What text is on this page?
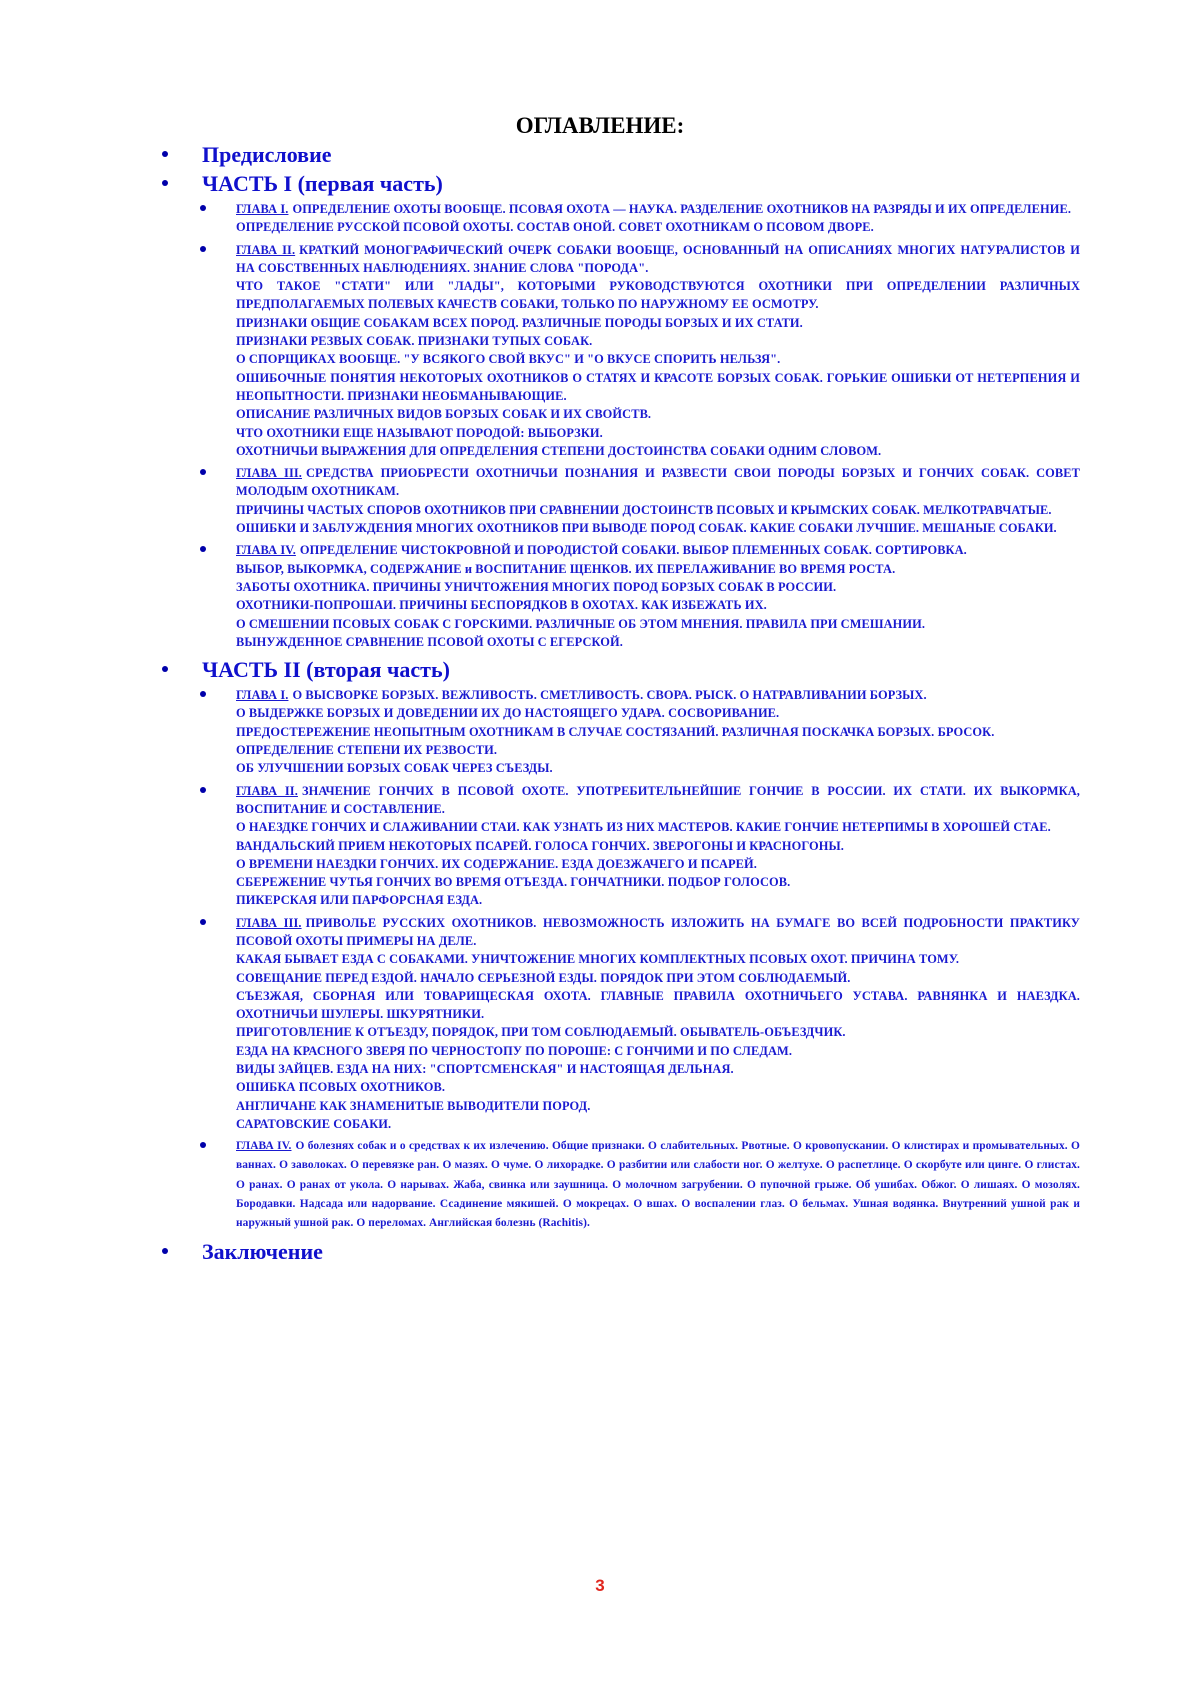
ОГЛАВЛЕНИЕ:
Предисловие
ЧАСТЬ I (первая часть)

ГЛАВА I. ОПРЕДЕЛЕНИЕ ОХОТЫ ВООБЩЕ. ПСОВАЯ ОХОТА — НАУКА. РАЗДЕЛЕНИЕ ОХОТНИКОВ НА РАЗРЯДЫ И ИХ ОПРЕДЕЛЕНИЕ.

ОПРЕДЕЛЕНИЕ РУССКОЙ ПСОВОЙ ОХОТЫ. СОСТАВ ОНОЙ. СОВЕТ ОХОТНИКАМ О ПСОВОМ ДВОРЕ.

ГЛАВА II. КРАТКИЙ МОНОГРАФИЧЕСКИЙ ОЧЕРК СОБАКИ ВООБЩЕ, ОСНОВАННЫЙ НА ОПИСАНИЯХ МНОГИХ НАТУРАЛИСТОВ И НА СОБСТВЕННЫХ НАБЛЮДЕНИЯХ. ЗНАНИЕ СЛОВА "ПОРОДА".

ЧТО ТАКОЕ "СТАТИ" ИЛИ "ЛАДЫ", КОТОРЫМИ РУКОВОДСТВУЮТСЯ ОХОТНИКИ ПРИ ОПРЕДЕЛЕНИИ РАЗЛИЧНЫХ ПРЕДПОЛАГАЕМЫХ ПОЛЕВЫХ КАЧЕСТВ СОБАКИ, ТОЛЬКО ПО НАРУЖНОМУ ЕЕ ОСМОТРУ.

ПРИЗНАКИ ОБЩИЕ СОБАКАМ ВСЕХ ПОРОД. РАЗЛИЧНЫЕ ПОРОДЫ БОРЗЫХ И ИХ СТАТИ.

ПРИЗНАКИ РЕЗВЫХ СОБАК. ПРИЗНАКИ ТУПЫХ СОБАК.

О СПОРЩИКАХ ВООБЩЕ. "У ВСЯКОГО СВОЙ ВКУС" И "О ВКУСЕ СПОРИТЬ НЕЛЬЗЯ".

ОШИБОЧНЫЕ ПОНЯТИЯ НЕКОТОРЫХ ОХОТНИКОВ О СТАТЯХ И КРАСОТЕ БОРЗЫХ СОБАК. ГОРЬКИЕ ОШИБКИ ОТ НЕТЕРПЕНИЯ И НЕОПЫТНОСТИ. ПРИЗНАКИ НЕОБМАНЫВАЮЩИЕ.

ОПИСАНИЕ РАЗЛИЧНЫХ ВИДОВ БОРЗЫХ СОБАК И ИХ СВОЙСТВ.

ЧТО ОХОТНИКИ ЕЩЕ НАЗЫВАЮТ ПОРОДОЙ: ВЫБОРЗКИ.

ОХОТНИЧЬИ ВЫРАЖЕНИЯ ДЛЯ ОПРЕДЕЛЕНИЯ СТЕПЕНИ ДОСТОИНСТВА СОБАКИ ОДНИМ СЛОВОМ.

ГЛАВА III. СРЕДСТВА ПРИОБРЕСТИ ОХОТНИЧЬИ ПОЗНАНИЯ И РАЗВЕСТИ СВОИ ПОРОДЫ БОРЗЫХ И ГОНЧИХ СОБАК. СОВЕТ МОЛОДЫМ ОХОТНИКАМ.

ПРИЧИНЫ ЧАСТЫХ СПОРОВ ОХОТНИКОВ ПРИ СРАВНЕНИИ ДОСТОИНСТВ ПСОВЫХ И КРЫМСКИХ СОБАК. МЕЛКОТРАВЧАТЫЕ.

ОШИБКИ И ЗАБЛУЖДЕНИЯ МНОГИХ ОХОТНИКОВ ПРИ ВЫВОДЕ ПОРОД СОБАК. КАКИЕ СОБАКИ ЛУЧШИЕ. МЕШАНЫЕ СОБАКИ.

ГЛАВА IV. ОПРЕДЕЛЕНИЕ ЧИСТОКРОВНОЙ И ПОРОДИСТОЙ СОБАКИ. ВЫБОР ПЛЕМЕННЫХ СОБАК. СОРТИРОВКА.

ВЫБОР, ВЫКОРМКА, СОДЕРЖАНИЕ и ВОСПИТАНИЕ ЩЕНКОВ. ИХ ПЕРЕЛАЖИВАНИЕ ВО ВРЕМЯ РОСТА.

ЗАБОТЫ ОХОТНИКА. ПРИЧИНЫ УНИЧТОЖЕНИЯ МНОГИХ ПОРОД БОРЗЫХ СОБАК В РОССИИ.

ОХОТНИКИ-ПОПРОШАИ. ПРИЧИНЫ БЕСПОРЯДКОВ В ОХОТАХ. КАК ИЗБЕЖАТЬ ИХ.

О СМЕШЕНИИ ПСОВЫХ СОБАК С ГОРСКИМИ. РАЗЛИЧНЫЕ ОБ ЭТОМ МНЕНИЯ. ПРАВИЛА ПРИ СМЕШАНИИ.

ВЫНУЖДЕННОЕ СРАВНЕНИЕ ПСОВОЙ ОХОТЫ С ЕГЕРСКОЙ.

ЧАСТЬ II (вторая часть)

ГЛАВА I. О ВЫСВОРКЕ БОРЗЫХ. ВЕЖЛИВОСТЬ. СМЕТЛИВОСТЬ. СВОРА. РЫСК. О НАТРАВЛИВАНИИ БОРЗЫХ.

О ВЫДЕРЖКЕ БОРЗЫХ И ДОВЕДЕНИИ ИХ ДО НАСТОЯЩЕГО УДАРА. СОСВОРИВАНИЕ.

ПРЕДОСТЕРЕЖЕНИЕ НЕОПЫТНЫМ ОХОТНИКАМ В СЛУЧАЕ СОСТЯЗАНИЙ. РАЗЛИЧНАЯ ПОСКАЧКА БОРЗЫХ. БРОСОК.

ОПРЕДЕЛЕНИЕ СТЕПЕНИ ИХ РЕЗВОСТИ.

ОБ УЛУЧШЕНИИ БОРЗЫХ СОБАК ЧЕРЕЗ СЪЕЗДЫ.

ГЛАВА II. ЗНАЧЕНИЕ ГОНЧИХ В ПСОВОЙ ОХОТЕ. УПОТРЕБИТЕЛЬНЕЙШИЕ ГОНЧИЕ В РОССИИ. ИХ СТАТИ. ИХ ВЫКОРМКА, ВОСПИТАНИЕ И СОСТАВЛЕНИЕ.

О НАЕЗДКЕ ГОНЧИХ И СЛАЖИВАНИИ СТАИ. КАК УЗНАТЬ ИЗ НИХ МАСТЕРОВ. КАКИЕ ГОНЧИЕ НЕТЕРПИМЫ В ХОРОШЕЙ СТАЕ.

ВАНДАЛЬСКИЙ ПРИЕМ НЕКОТОРЫХ ПСАРЕЙ. ГОЛОСА ГОНЧИХ. ЗВЕРОГОНЫ И КРАСНОГОНЫ.

О ВРЕМЕНИ НАЕЗДКИ ГОНЧИХ. ИХ СОДЕРЖАНИЕ. ЕЗДА ДОЕЗЖАЧЕГО И ПСАРЕЙ.

СБЕРЕЖЕНИЕ ЧУТЬЯ ГОНЧИХ ВО ВРЕМЯ ОТЪЕЗДА. ГОНЧАТНИКИ. ПОДБОР ГОЛОСОВ.

ПИКЕРСКАЯ ИЛИ ПАРФОРСНАЯ ЕЗДА.

ГЛАВА III. ПРИВОЛЬЕ РУССКИХ ОХОТНИКОВ. НЕВОЗМОЖНОСТЬ ИЗЛОЖИТЬ НА БУМАГЕ ВО ВСЕЙ ПОДРОБНОСТИ ПРАКТИКУ ПСОВОЙ ОХОТЫ ПРИМЕРЫ НА ДЕЛЕ.

КАКАЯ БЫВАЕТ ЕЗДА С СОБАКАМИ. УНИЧТОЖЕНИЕ МНОГИХ КОМПЛЕКТНЫХ ПСОВЫХ ОХОТ. ПРИЧИНА ТОМУ.

СОВЕЩАНИЕ ПЕРЕД ЕЗДОЙ. НАЧАЛО СЕРЬЕЗНОЙ ЕЗДЫ. ПОРЯДОК ПРИ ЭТОМ СОБЛЮДАЕМЫЙ.

СЪЕЗЖАЯ, СБОРНАЯ ИЛИ ТОВАРИЩЕСКАЯ ОХОТА. ГЛАВНЫЕ ПРАВИЛА ОХОТНИЧЬЕГО УСТАВА. РАВНЯНКА И НАЕЗДКА. ОХОТНИЧЬИ ШУЛЕРЫ. ШКУРЯТНИКИ.

ПРИГОТОВЛЕНИЕ К ОТЪЕЗДУ, ПОРЯДОК, ПРИ ТОМ СОБЛЮДАЕМЫЙ. ОБЫВАТЕЛЬ-ОБЪЕЗДЧИК.

ЕЗДА НА КРАСНОГО ЗВЕРЯ ПО ЧЕРНОСТОПУ ПО ПОРОШЕ: С ГОНЧИМИ И ПО СЛЕДАМ.

ВИДЫ ЗАЙЦЕВ. ЕЗДА НА НИХ: "СПОРТСМЕНСКАЯ" И НАСТОЯЩАЯ ДЕЛЬНАЯ.

ОШИБКА ПСОВЫХ ОХОТНИКОВ.

АНГЛИЧАНЕ КАК ЗНАМЕНИТЫЕ ВЫВОДИТЕЛИ ПОРОД.

САРАТОВСКИЕ СОБАКИ.

ГЛАВА IV. О болезнях собак и о средствах к их излечению. Общие признаки. О слабительных. Рвотные. О кровопускании. О клистирах и промывательных. О ваннах. О заволоках. О перевязке ран. О мазях. О чуме. О лихорадке. О разбитии или слабости ног. О желтухе. О распетлице. О скорбуте или цинге. О глистах. О ранах. О ранах от укола. О нарывах. Жаба, свинка или заушница. О молочном загрубении. О пупочной грыже. Об ушибах. Обжог. О лишаях. О мозолях. Бородавки. Надсада или надорвание. Ссадинение мякишей. О мокрецах. О вшах. О воспалении глаз. О бельмах. Ушная водянка. Внутренний ушной рак и наружный ушной рак. О переломах. Английская болезнь (Rachitis).

Заключение
3
